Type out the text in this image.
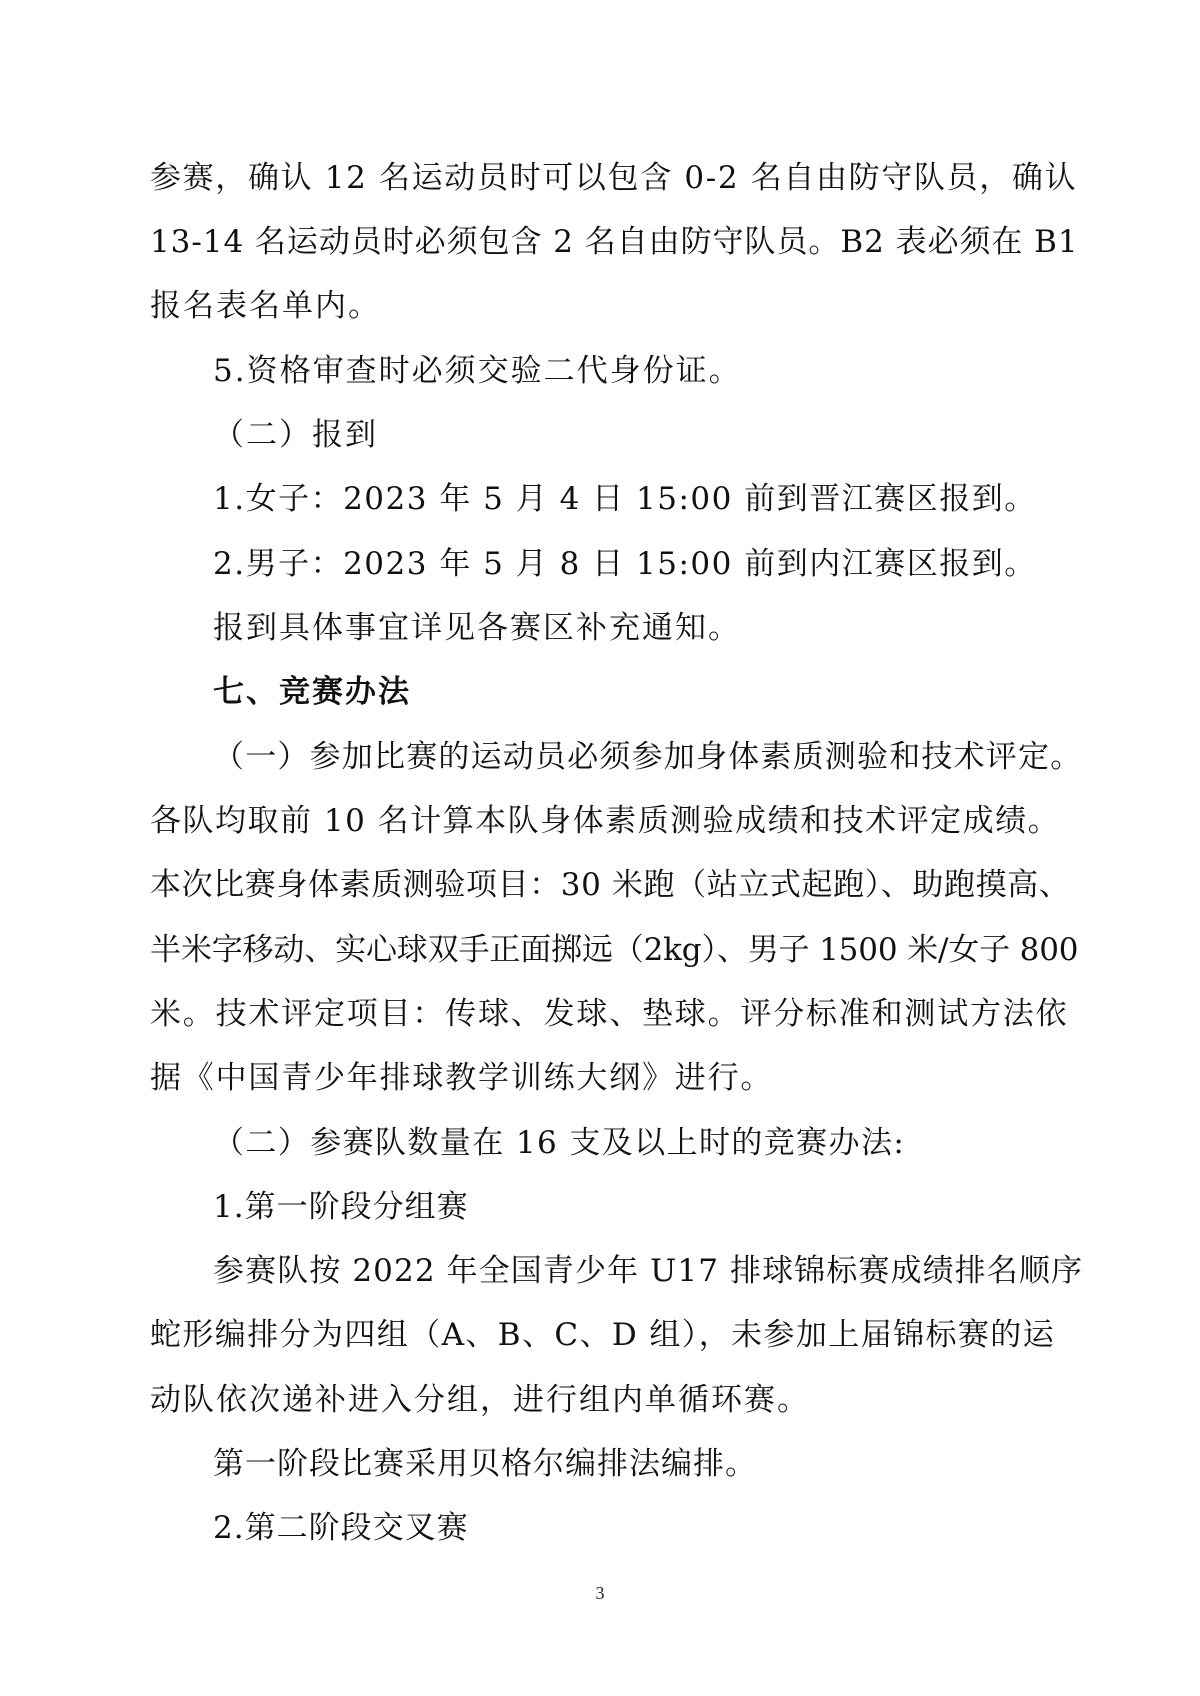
参赛，确认 12 名运动员时可以包含 0-2 名自由防守队员，确认
13-14 名运动员时必须包含 2 名自由防守队员。B2 表必须在 B1
报名表名单内。
5.资格审查时必须交验二代身份证。
（二）报到
1.女子：2023 年 5 月 4 日 15:00 前到晋江赛区报到。
2.男子：2023 年 5 月 8 日 15:00 前到内江赛区报到。
报到具体事宜详见各赛区补充通知。
七、竞赛办法
（一）参加比赛的运动员必须参加身体素质测验和技术评定。
各队均取前 10 名计算本队身体素质测验成绩和技术评定成绩。
本次比赛身体素质测验项目：30 米跑（站立式起跑）、助跑摸高、
半米字移动、实心球双手正面掷远（2kg）、男子 1500 米/女子 800
米。技术评定项目：传球、发球、垫球。评分标准和测试方法依
据《中国青少年排球教学训练大纲》进行。
（二）参赛队数量在 16 支及以上时的竞赛办法:
1.第一阶段分组赛
参赛队按 2022 年全国青少年 U17 排球锦标赛成绩排名顺序
蛇形编排分为四组（A、B、C、D 组），未参加上届锦标赛的运
动队依次递补进入分组，进行组内单循环赛。
第一阶段比赛采用贝格尔编排法编排。
2.第二阶段交叉赛
3
